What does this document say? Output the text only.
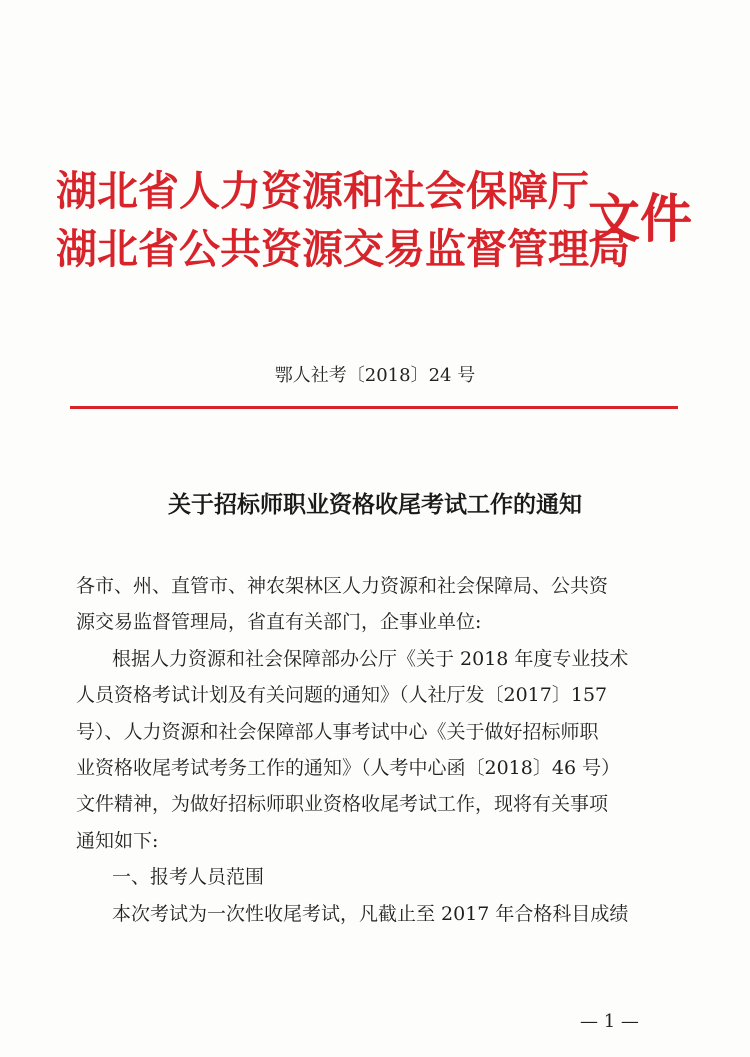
湖北省人力资源和社会保障厅
湖北省公共资源交易监督管理局
文件
鄂人社考〔2018〕24 号
关于招标师职业资格收尾考试工作的通知
各市、州、直管市、神农架林区人力资源和社会保障局、公共资
源交易监督管理局，省直有关部门，企事业单位:
根据人力资源和社会保障部办公厅《关于 2018 年度专业技术
人员资格考试计划及有关问题的通知》（人社厅发〔2017〕157
号）、人力资源和社会保障部人事考试中心《关于做好招标师职
业资格收尾考试考务工作的通知》（人考中心函〔2018〕46 号）
文件精神，为做好招标师职业资格收尾考试工作，现将有关事项
通知如下:
一、报考人员范围
本次考试为一次性收尾考试，凡截止至 2017 年合格科目成绩
— 1 —
